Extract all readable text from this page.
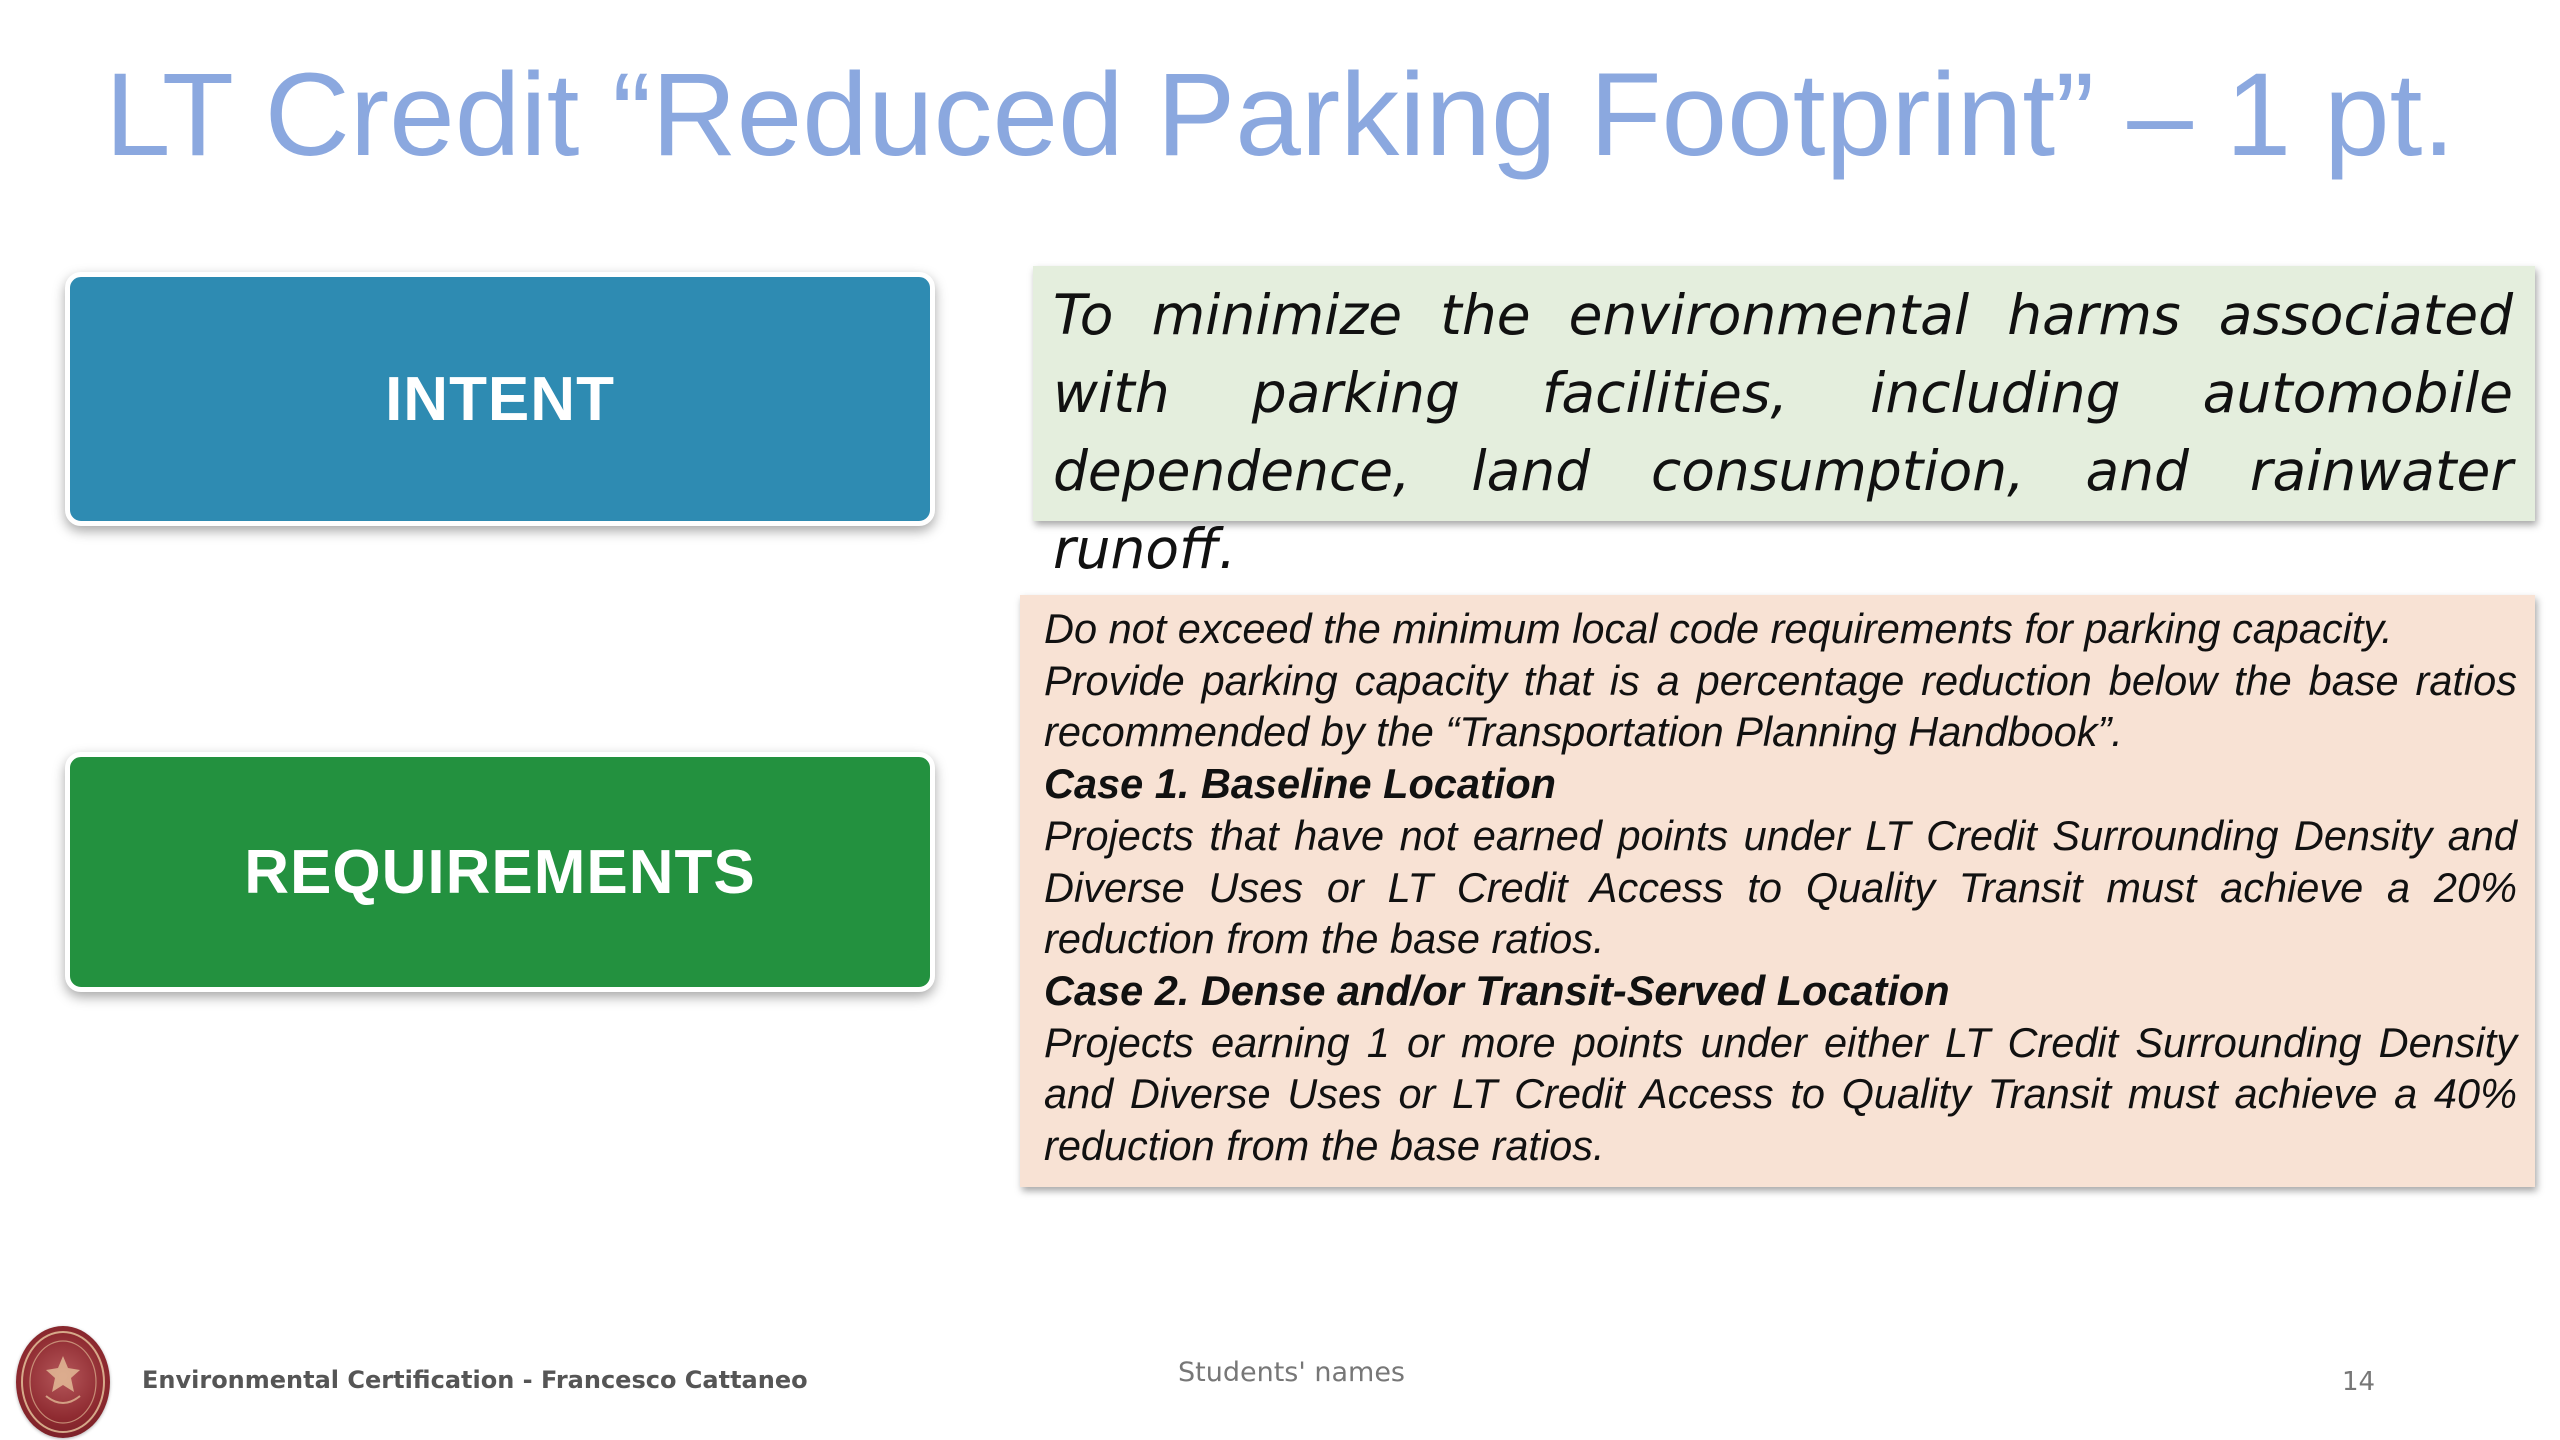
LT Credit “Reduced Parking Footprint” – 1 pt.
INTENT

To minimize the environmental harms associated with parking facilities, including automobile dependence, land consumption, and rainwater runoff.

REQUIREMENTS

Do not exceed the minimum local code requirements for parking capacity.

Provide parking capacity that is a percentage reduction below the base ratios recommended by the “Transportation Planning Handbook”.

Case 1. Baseline Location

Projects that have not earned points under LT Credit Surrounding Density and Diverse Uses or LT Credit Access to Quality Transit must achieve a 20% reduction from the base ratios.

Case 2. Dense and/or Transit-Served Location

Projects earning 1 or more points under either LT Credit Surrounding Density and Diverse Uses or LT Credit Access to Quality Transit must achieve a 40% reduction from the base ratios.

Environmental Certification - Francesco Cattaneo	Students' names	14
